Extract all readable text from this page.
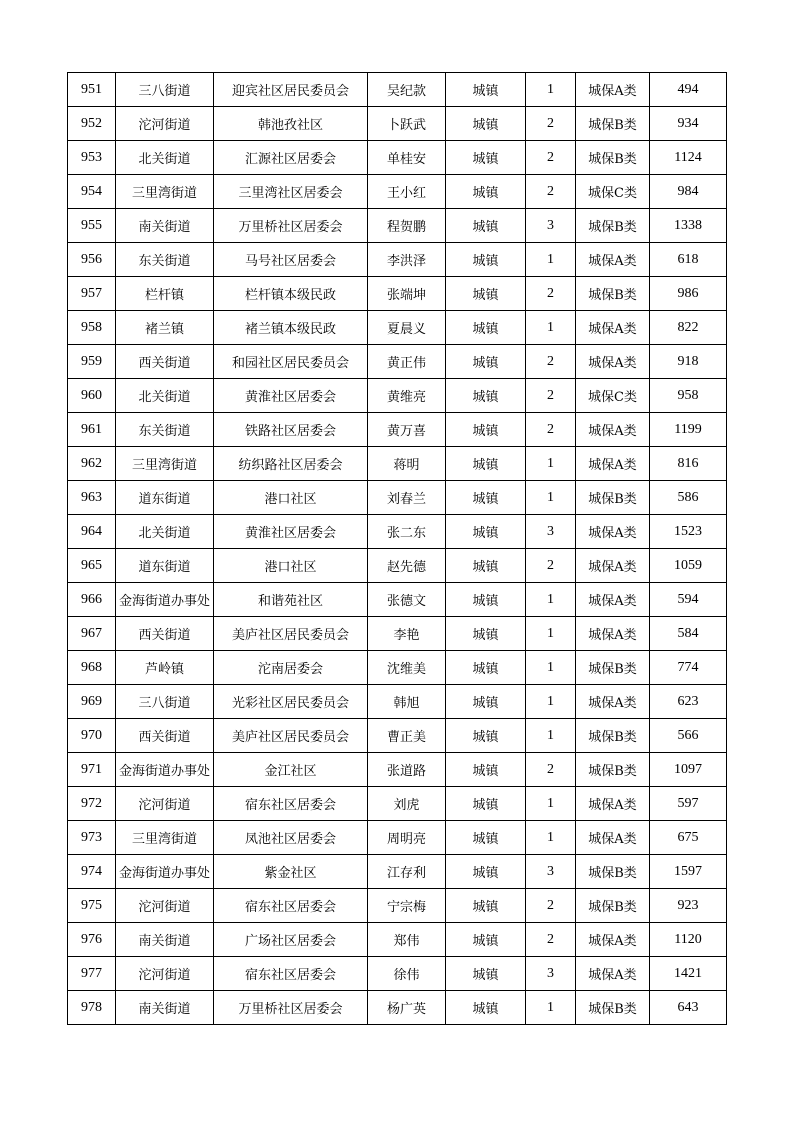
951	三八街道	迎宾社区居民委员会	吴纪款	城镇	1	城保A类	494
952	沱河街道	韩池孜社区	卜跃武	城镇	2	城保B类	934
953	北关街道	汇源社区居委会	单桂安	城镇	2	城保B类	1124
954	三里湾街道	三里湾社区居委会	王小红	城镇	2	城保C类	984
955	南关街道	万里桥社区居委会	程贺鹏	城镇	3	城保B类	1338
956	东关街道	马号社区居委会	李洪泽	城镇	1	城保A类	618
957	栏杆镇	栏杆镇本级民政	张端坤	城镇	2	城保B类	986
958	褚兰镇	褚兰镇本级民政	夏晨义	城镇	1	城保A类	822
959	西关街道	和园社区居民委员会	黄正伟	城镇	2	城保A类	918
960	北关街道	黄淮社区居委会	黄维亮	城镇	2	城保C类	958
961	东关街道	铁路社区居委会	黄万喜	城镇	2	城保A类	1199
962	三里湾街道	纺织路社区居委会	蒋明	城镇	1	城保A类	816
963	道东街道	港口社区	刘春兰	城镇	1	城保B类	586
964	北关街道	黄淮社区居委会	张二东	城镇	3	城保A类	1523
965	道东街道	港口社区	赵先德	城镇	2	城保A类	1059
966	金海街道办事处	和谐苑社区	张德文	城镇	1	城保A类	594
967	西关街道	美庐社区居民委员会	李艳	城镇	1	城保A类	584
968	芦岭镇	沱南居委会	沈维美	城镇	1	城保B类	774
969	三八街道	光彩社区居民委员会	韩旭	城镇	1	城保A类	623
970	西关街道	美庐社区居民委员会	曹正美	城镇	1	城保B类	566
971	金海街道办事处	金江社区	张道路	城镇	2	城保B类	1097
972	沱河街道	宿东社区居委会	刘虎	城镇	1	城保A类	597
973	三里湾街道	凤池社区居委会	周明亮	城镇	1	城保A类	675
974	金海街道办事处	紫金社区	江存利	城镇	3	城保B类	1597
975	沱河街道	宿东社区居委会	宁宗梅	城镇	2	城保B类	923
976	南关街道	广场社区居委会	郑伟	城镇	2	城保A类	1120
977	沱河街道	宿东社区居委会	徐伟	城镇	3	城保A类	1421
978	南关街道	万里桥社区居委会	杨广英	城镇	1	城保B类	643
